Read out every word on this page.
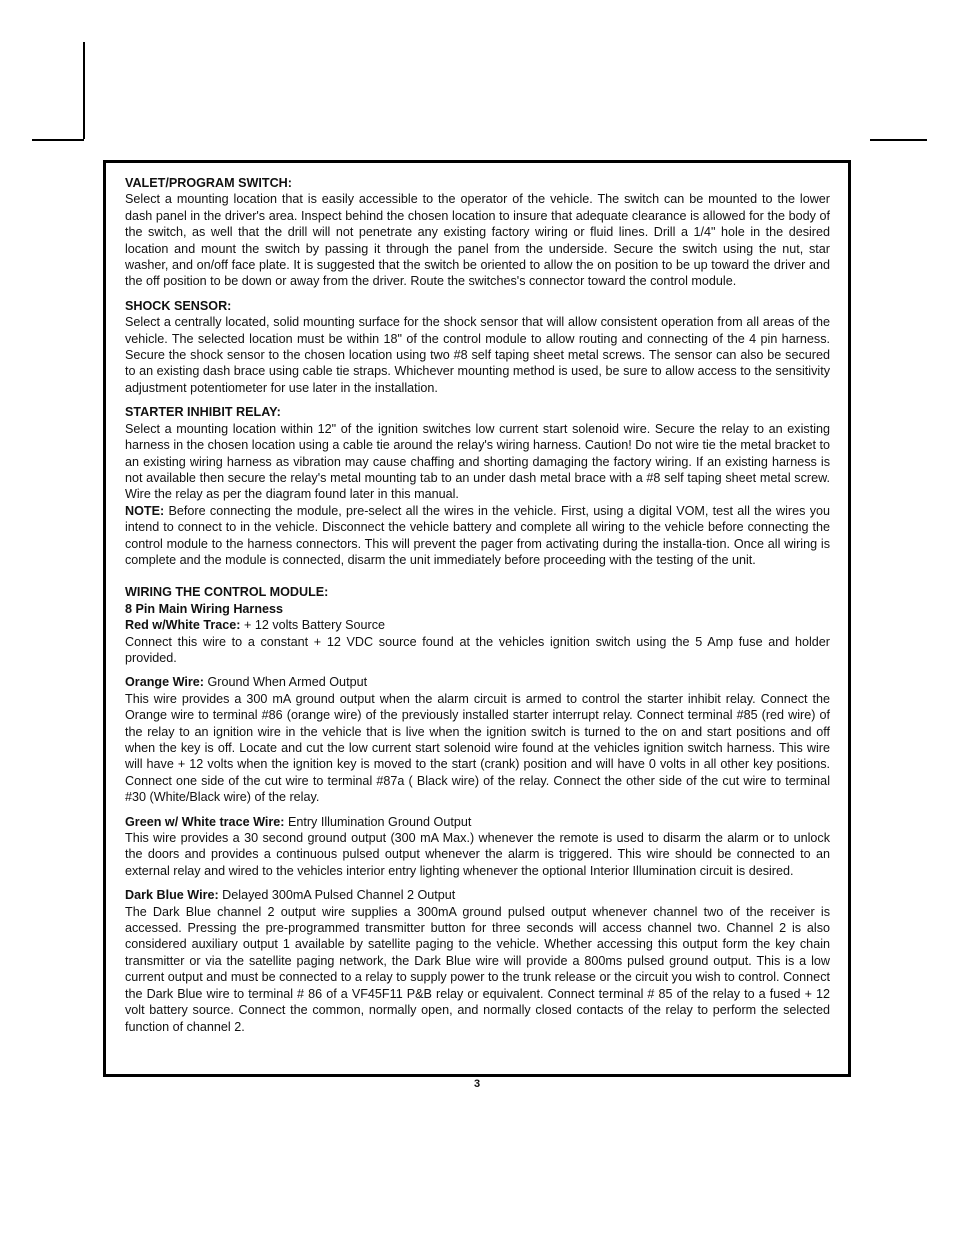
VALET/PROGRAM SWITCH:

Select a mounting location that is easily accessible to the operator of the vehicle. The switch can be mounted to the lower dash panel in the driver's area. Inspect behind the chosen location to insure that adequate clearance is allowed for the body of the switch, as well that the drill will not penetrate any existing factory wiring or fluid lines. Drill a 1/4" hole in the desired location and mount the switch by passing it through the panel from the underside. Secure the switch using the nut, star washer, and on/off face plate. It is suggested that the switch be oriented to allow the on position to be up toward the driver and the off position to be down or away from the driver. Route the switches's connector toward the control module.

SHOCK SENSOR:

Select a centrally located, solid mounting surface for the shock sensor that will allow consistent operation from all areas of the vehicle. The selected location must be within 18" of the control module to allow routing and connecting of the 4 pin harness. Secure the shock sensor to the chosen location using two #8 self taping sheet metal screws. The sensor can also be secured to an existing dash brace using cable tie straps. Whichever mounting method is used, be sure to allow access to the sensitivity adjustment potentiometer for use later in the installation.

STARTER INHIBIT RELAY:

Select a mounting location within 12" of the ignition switches low current start solenoid wire. Secure the relay to an existing harness in the chosen location using a cable tie around the relay's wiring harness. Caution! Do not wire tie the metal bracket to an existing wiring harness as vibration may cause chaffing and shorting damaging the factory wiring. If an existing harness is not available then secure the relay's metal mounting tab to an under dash metal brace with a #8 self taping sheet metal screw. Wire the relay as per the diagram found later in this manual.

NOTE: Before connecting the module, pre-select all the wires in the vehicle. First, using a digital VOM, test all the wires you intend to connect to in the vehicle. Disconnect the vehicle battery and complete all wiring to the vehicle before connecting the control module to the harness connectors. This will prevent the pager from activating during the installa-tion. Once all wiring is complete and the module is connected, disarm the unit immediately before proceeding with the testing of the unit.

WIRING THE CONTROL MODULE:
8 Pin Main Wiring Harness

Red w/White Trace: + 12 volts Battery Source

Connect this wire to a constant + 12 VDC source found at the vehicles ignition switch using the 5 Amp fuse and holder provided.

Orange Wire: Ground When Armed Output

This wire provides a 300 mA ground output when the alarm circuit is armed to control the starter inhibit relay. Connect the Orange wire to terminal #86 (orange wire) of the previously installed starter interrupt relay. Connect terminal #85 (red wire) of the relay to an ignition wire in the vehicle that is live when the ignition switch is turned to the on and start positions and off when the key is off. Locate and cut the low current start solenoid wire found at the vehicles ignition switch harness. This wire will have + 12 volts when the ignition key is moved to the start (crank) position and will have 0 volts in all other key positions. Connect one side of the cut wire to terminal #87a ( Black wire) of the relay. Connect the other side of the cut wire to terminal #30 (White/Black wire) of the relay.

Green w/ White trace Wire: Entry Illumination Ground Output

This wire provides a 30 second ground output (300 mA Max.) whenever the remote is used to disarm the alarm or to unlock the doors and provides a continuous pulsed output whenever the alarm is triggered. This wire should be connected to an external relay and wired to the vehicles interior entry lighting whenever the optional Interior Illumination circuit is desired.

Dark Blue Wire: Delayed 300mA Pulsed Channel 2 Output

The Dark Blue channel 2 output wire supplies a 300mA ground pulsed output whenever channel two of the receiver is accessed. Pressing the pre-programmed transmitter button for three seconds will access channel two. Channel 2 is also considered auxiliary output 1 available by satellite paging to the vehicle. Whether accessing this output form the key chain transmitter or via the satellite paging network, the Dark Blue wire will provide a 800ms pulsed ground output. This is a low current output and must be connected to a relay to supply power to the trunk release or the circuit you wish to control. Connect the Dark Blue wire to terminal # 86 of a VF45F11 P&B relay or equivalent. Connect terminal # 85 of the relay to a fused + 12 volt battery source. Connect the common, normally open, and normally closed contacts of the relay to perform the selected function of channel 2.

3
